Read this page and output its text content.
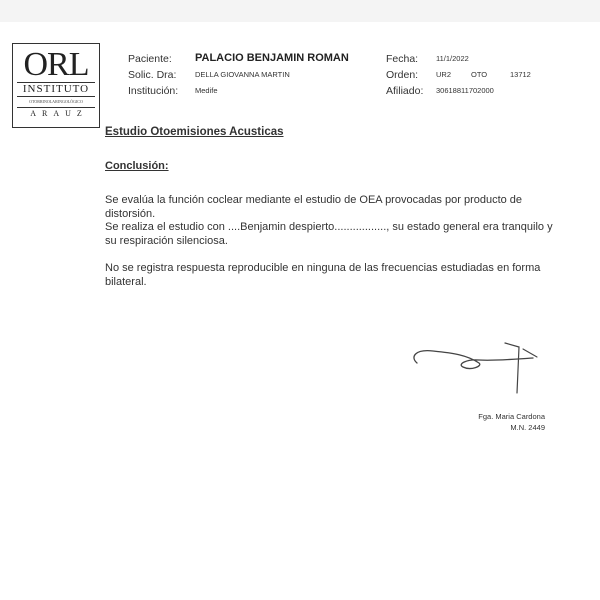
ORL
INSTITUTO
OTORRINOLARINGOLÓGICO
ARAUZ
Paciente: PALACIO BENJAMIN ROMAN
Solic. Dra: DELLA GIOVANNA MARTIN
Institución: Medife
Fecha: 11/1/2022
Orden: UR2	OTO	13712
Afiliado: 30618811702000
Estudio Otoemisiones Acusticas
Conclusión:
Se evalúa la función coclear mediante el estudio de OEA provocadas por producto de distorsión.
Se realiza el estudio con ....Benjamin despierto................., su estado general era tranquilo y su respiración silenciosa.
No se registra respuesta reproducible en ninguna de las frecuencias estudiadas en forma bilateral.
Fga. Maria Cardona
M.N. 2449
